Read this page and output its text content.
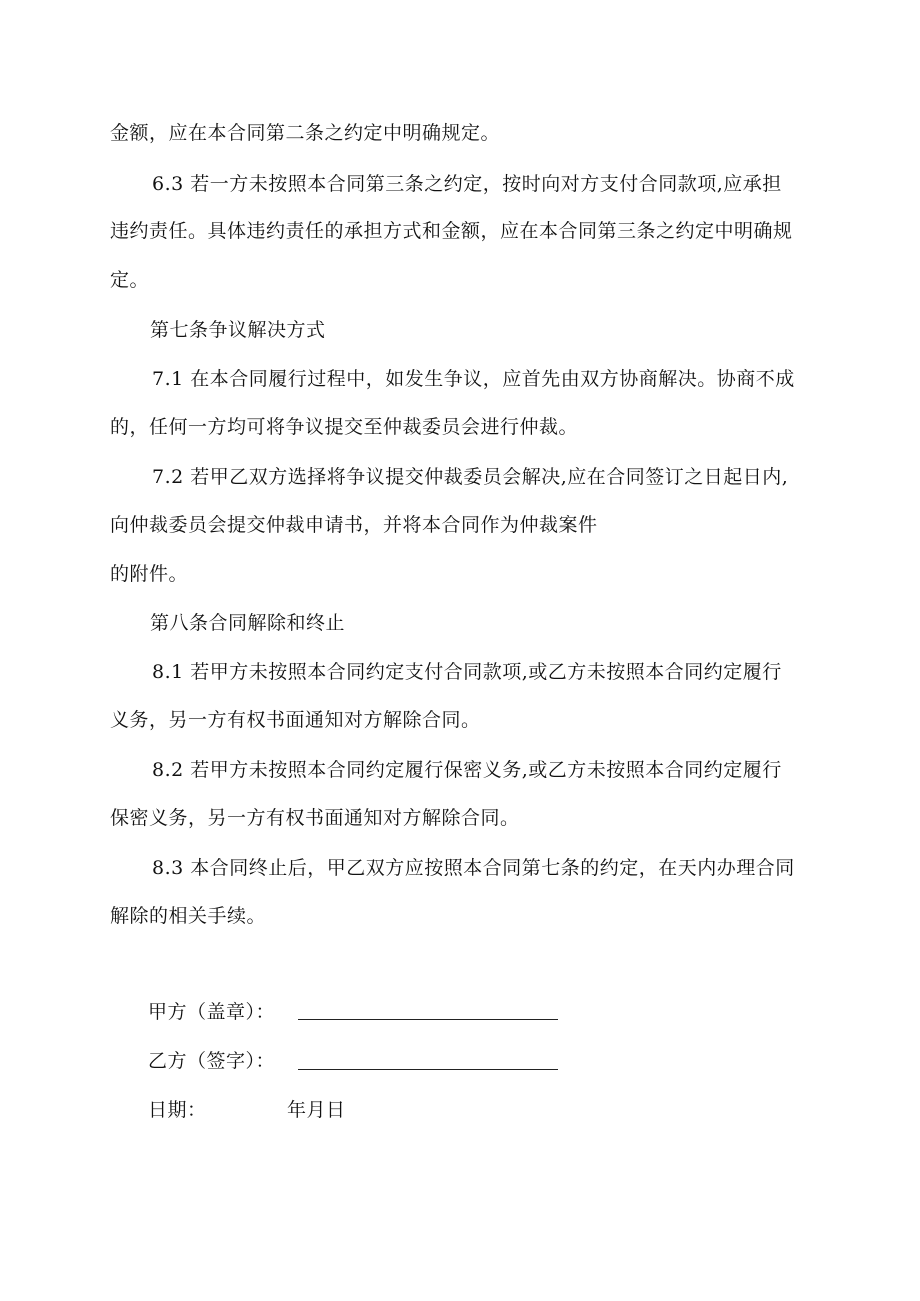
金额，应在本合同第二条之约定中明确规定。
6.3 若一方未按照本合同第三条之约定，按时向对方支付合同款项,应承担
违约责任。具体违约责任的承担方式和金额，应在本合同第三条之约定中明确规
定。
第七条争议解决方式
7.1 在本合同履行过程中，如发生争议，应首先由双方协商解决。协商不成
的，任何一方均可将争议提交至仲裁委员会进行仲裁。
7.2 若甲乙双方选择将争议提交仲裁委员会解决,应在合同签订之日起日内,
向仲裁委员会提交仲裁申请书，并将本合同作为仲裁案件
的附件。
第八条合同解除和终止
8.1 若甲方未按照本合同约定支付合同款项,或乙方未按照本合同约定履行
义务，另一方有权书面通知对方解除合同。
8.2 若甲方未按照本合同约定履行保密义务,或乙方未按照本合同约定履行
保密义务，另一方有权书面通知对方解除合同。
8.3 本合同终止后，甲乙双方应按照本合同第七条的约定，在天内办理合同
解除的相关手续。
甲方（盖章）：
乙方（签字）：
日期：	年月日
